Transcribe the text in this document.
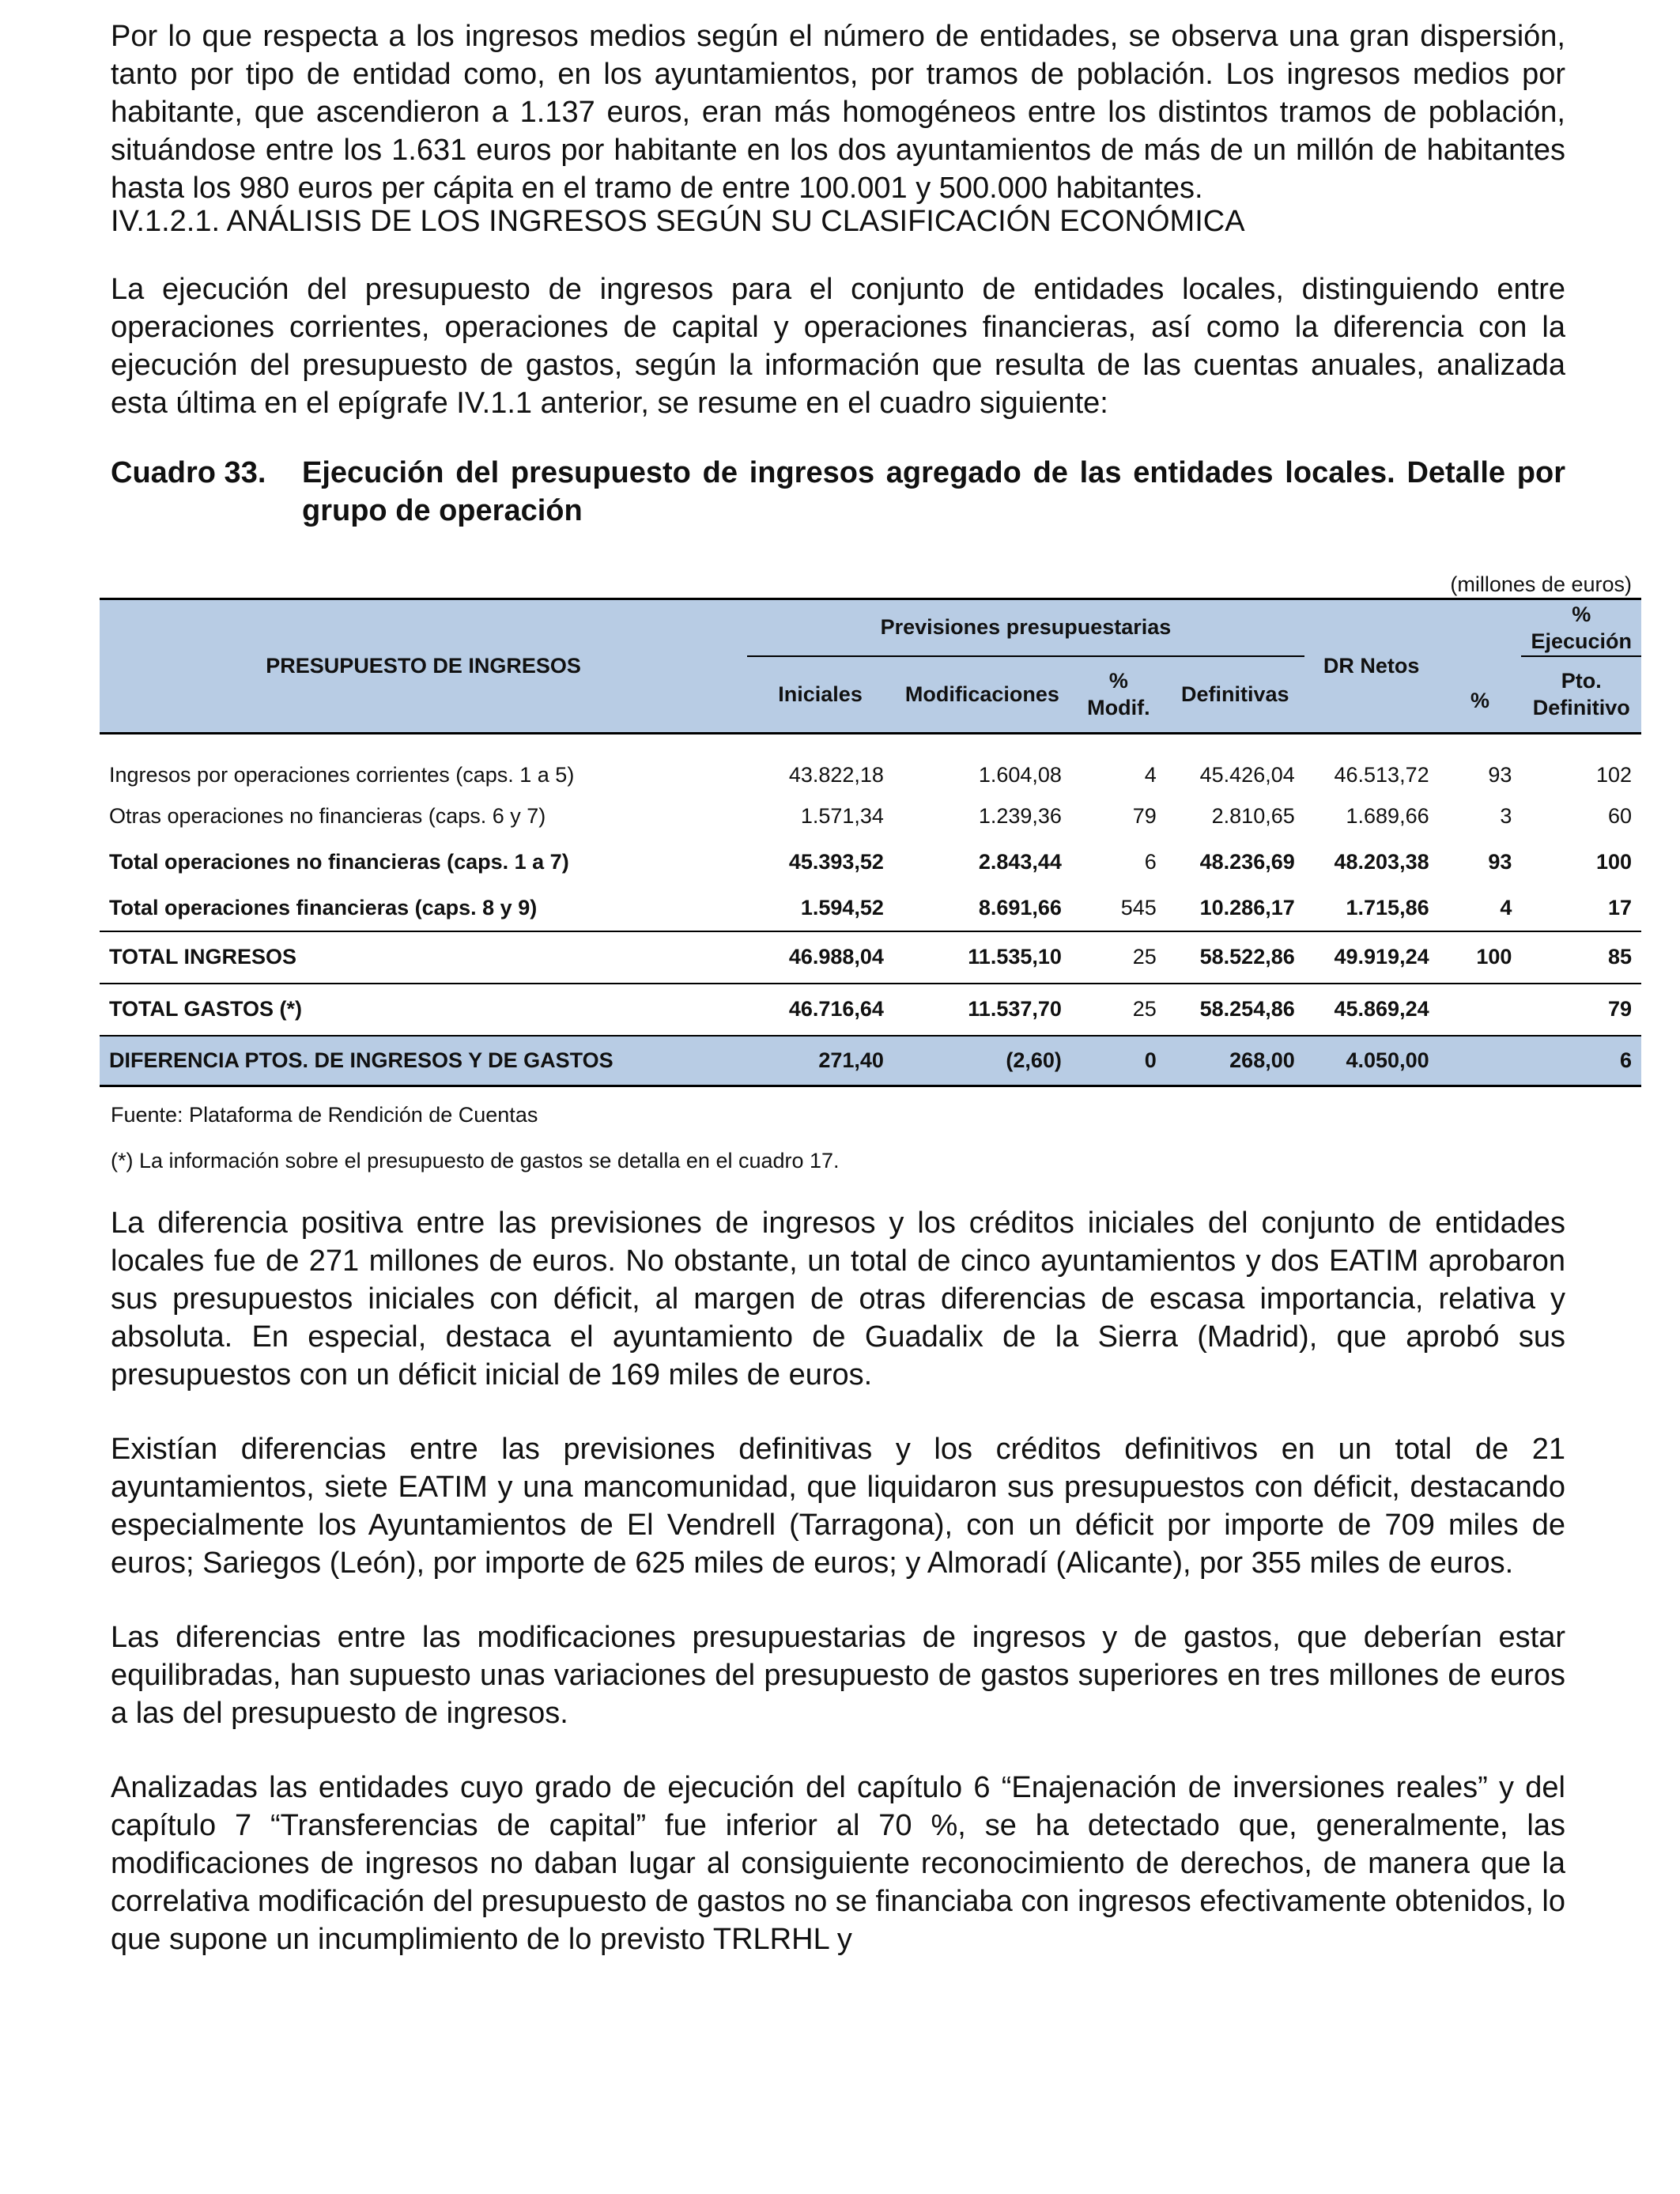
Por lo que respecta a los ingresos medios según el número de entidades, se observa una gran dispersión, tanto por tipo de entidad como, en los ayuntamientos, por tramos de población. Los ingresos medios por habitante, que ascendieron a 1.137 euros, eran más homogéneos entre los distintos tramos de población, situándose entre los 1.631 euros por habitante en los dos ayuntamientos de más de un millón de habitantes hasta los 980 euros per cápita en el tramo de entre 100.001 y 500.000 habitantes.

IV.1.2.1. ANÁLISIS DE LOS INGRESOS SEGÚN SU CLASIFICACIÓN ECONÓMICA

La ejecución del presupuesto de ingresos para el conjunto de entidades locales, distinguiendo entre operaciones corrientes, operaciones de capital y operaciones financieras, así como la diferencia con la ejecución del presupuesto de gastos, según la información que resulta de las cuentas anuales, analizada esta última en el epígrafe IV.1.1 anterior, se resume en el cuadro siguiente:

Cuadro 33.	Ejecución del presupuesto de ingresos agregado de las entidades locales. Detalle por grupo de operación
(millones de euros)
PRESUPUESTO DE INGRESOS	Previsiones presupuestarias				DR Netos	%	%
Ejecución
	Iniciales	Modificaciones	%
Modif.	Definitivas			Pto.
Definitivo
Ingresos por operaciones corrientes (caps. 1 a 5)	43.822,18	1.604,08	4	45.426,04	46.513,72	93	102
Otras operaciones no financieras (caps. 6 y 7)	1.571,34	1.239,36	79	2.810,65	1.689,66	3	60
Total operaciones no financieras (caps. 1 a 7)	45.393,52	2.843,44	6	48.236,69	48.203,38	93	100
Total operaciones financieras (caps. 8 y 9)	1.594,52	8.691,66	545	10.286,17	1.715,86	4	17
TOTAL INGRESOS	46.988,04	11.535,10	25	58.522,86	49.919,24	100	85
TOTAL GASTOS (*)	46.716,64	11.537,70	25	58.254,86	45.869,24		79
DIFERENCIA PTOS. DE INGRESOS Y DE GASTOS	271,40	(2,60)	0	268,00	4.050,00		6

Fuente: Plataforma de Rendición de Cuentas

(*) La información sobre el presupuesto de gastos se detalla en el cuadro 17.

La diferencia positiva entre las previsiones de ingresos y los créditos iniciales del conjunto de entidades locales fue de 271 millones de euros. No obstante, un total de cinco ayuntamientos y dos EATIM aprobaron sus presupuestos iniciales con déficit, al margen de otras diferencias de escasa importancia, relativa y absoluta. En especial, destaca el ayuntamiento de Guadalix de la Sierra (Madrid), que aprobó sus presupuestos con un déficit inicial de 169 miles de euros.

Existían diferencias entre las previsiones definitivas y los créditos definitivos en un total de 21 ayuntamientos, siete EATIM y una mancomunidad, que liquidaron sus presupuestos con déficit, destacando especialmente los Ayuntamientos de El Vendrell (Tarragona), con un déficit por importe de 709 miles de euros; Sariegos (León), por importe de 625 miles de euros; y Almoradí (Alicante), por 355 miles de euros.

Las diferencias entre las modificaciones presupuestarias de ingresos y de gastos, que deberían estar equilibradas, han supuesto unas variaciones del presupuesto de gastos superiores en tres millones de euros a las del presupuesto de ingresos.

Analizadas las entidades cuyo grado de ejecución del capítulo 6 “Enajenación de inversiones reales” y del capítulo 7 “Transferencias de capital” fue inferior al 70 %, se ha detectado que, generalmente, las modificaciones de ingresos no daban lugar al consiguiente reconocimiento de derechos, de manera que la correlativa modificación del presupuesto de gastos no se financiaba con ingresos efectivamente obtenidos, lo que supone un incumplimiento de lo previsto TRLRHL y
